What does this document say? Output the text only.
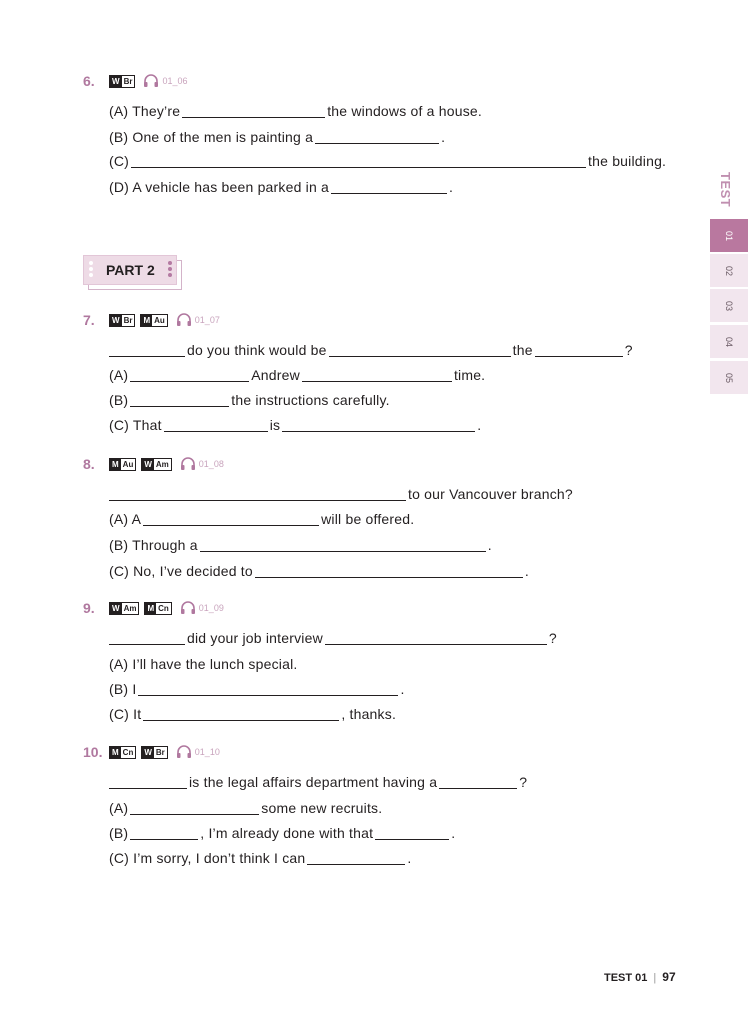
6.	W Br	01_06
(A) They’re	the windows of a house.
(B) One of the men is painting a	.
(C)	the building.
(D) A vehicle has been parked in a	.
PART 2
7.	W Br M Au	01_07
do you think would be	the	?
(A)	Andrew	time.
(B)	the instructions carefully.
(C) That	is	.
8.	M Au W Am	01_08
to our Vancouver branch?
(A) A	will be offered.
(B) Through a	.
(C) No, I’ve decided to	.
9.	W Am M Cn	01_09
did your job interview	?
(A) I’ll have the lunch special.
(B) I	.
(C) It	, thanks.
10.	M Cn W Br	01_10
is the legal affairs department having a	?
(A)	some new recruits.
(B)	, I’m already done with that	.
(C) I’m sorry, I don’t think I can	.
TEST
01
02
03
04
05
TEST 01 | 97
